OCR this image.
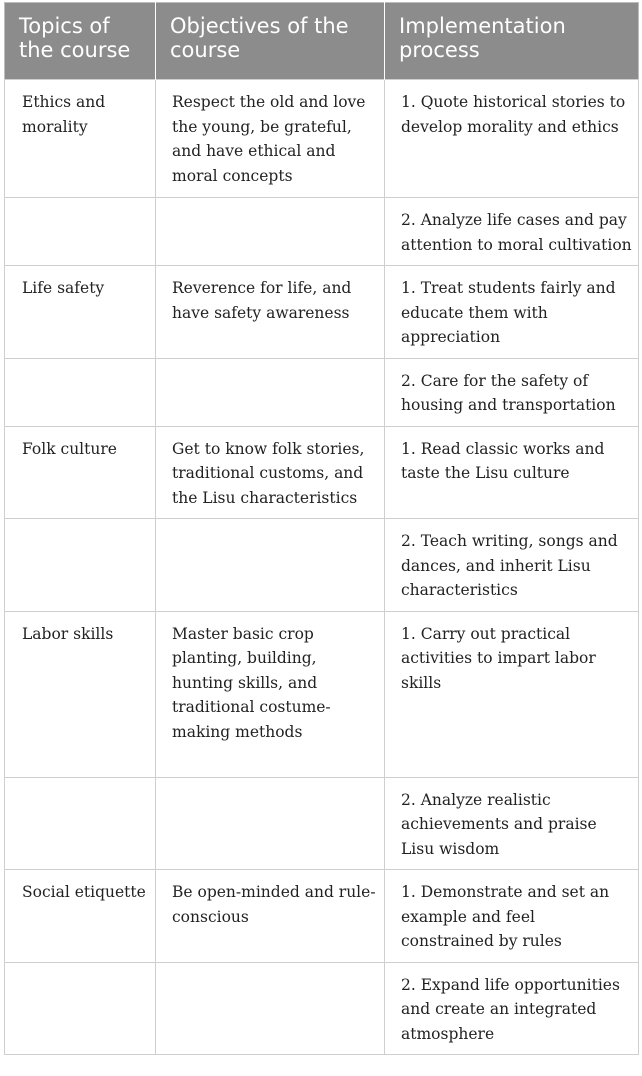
Topics of the course	Objectives of the course	Implementation process
Ethics and morality	Respect the old and love the young, be grateful, and have ethical and moral concepts	1. Quote historical stories to develop morality and ethics
		2. Analyze life cases and pay attention to moral cultivation
Life safety	Reverence for life, and have safety awareness	1. Treat students fairly and educate them with appreciation
		2. Care for the safety of housing and transportation
Folk culture	Get to know folk stories, traditional customs, and the Lisu characteristics	1. Read classic works and taste the Lisu culture
		2. Teach writing, songs and dances, and inherit Lisu characteristics
Labor skills	Master basic crop planting, building, hunting skills, and traditional costume-making methods	1. Carry out practical activities to impart labor skills
		2. Analyze realistic achievements and praise Lisu wisdom
Social etiquette	Be open-minded and rule-conscious	1. Demonstrate and set an example and feel constrained by rules
		2. Expand life opportunities and create an integrated atmosphere
